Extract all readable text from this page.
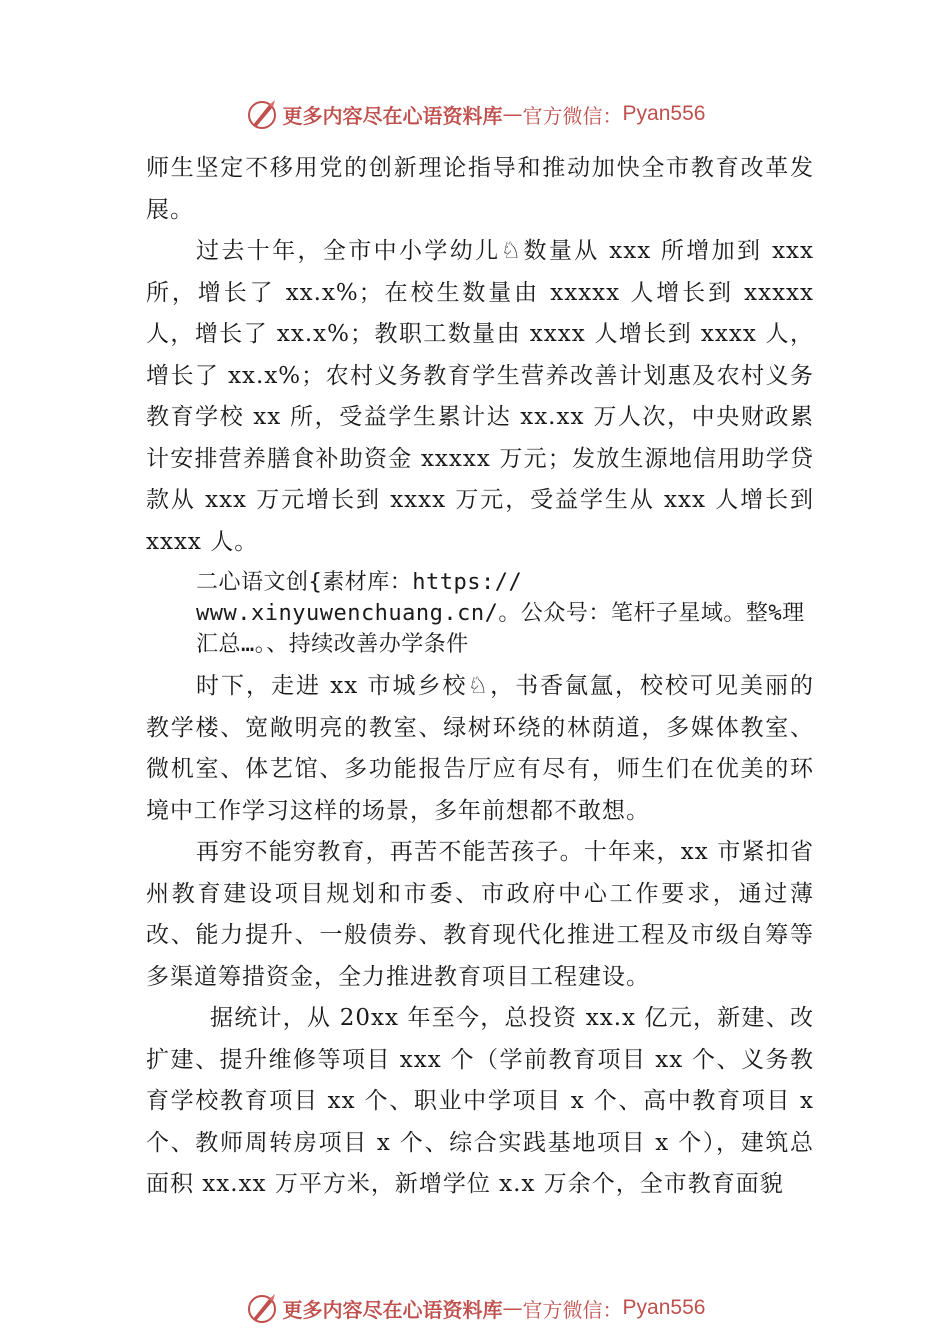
更多内容尽在心语资料库 — 官方微信： Pyan556

师生坚定不移用党的创新理论指导和推动加快全市教育改革发展。

过去十年，全市中小学幼儿♘数量从 xxx 所增加到 xxx 所，增长了 xx.x%；在校生数量由 xxxxx 人增长到 xxxxx 人，增长了 xx.x%；教职工数量由 xxxx 人增长到 xxxx 人，增长了 xx.x%；农村义务教育学生营养改善计划惠及农村义务教育学校 xx 所，受益学生累计达 xx.xx 万人次，中央财政累计安排营养膳食补助资金 xxxxx 万元；发放生源地信用助学贷款从 xxx 万元增长到 xxxx 万元，受益学生从 xxx 人增长到 xxxx 人。

二心语文创{素材库：https://
www.xinyuwenchuang.cn/。公众号：笔杆子星域。整%理
汇总…。、持续改善办学条件

时下，走进 xx 市城乡校♘，书香氤氲，校校可见美丽的教学楼、宽敞明亮的教室、绿树环绕的林荫道，多媒体教室、微机室、体艺馆、多功能报告厅应有尽有，师生们在优美的环境中工作学习这样的场景，多年前想都不敢想。

再穷不能穷教育，再苦不能苦孩子。十年来，xx 市紧扣省州教育建设项目规划和市委、市政府中心工作要求，通过薄改、能力提升、一般债券、教育现代化推进工程及市级自筹等多渠道筹措资金，全力推进教育项目工程建设。

据统计，从 20xx 年至今，总投资 xx.x 亿元，新建、改扩建、提升维修等项目 xxx 个（学前教育项目 xx 个、义务教育学校教育项目 xx 个、职业中学项目 x 个、高中教育项目 x 个、教师周转房项目 x 个、综合实践基地项目 x 个），建筑总面积 xx.xx 万平方米，新增学位 x.x 万余个，全市教育面貌

更多内容尽在心语资料库 — 官方微信： Pyan556
